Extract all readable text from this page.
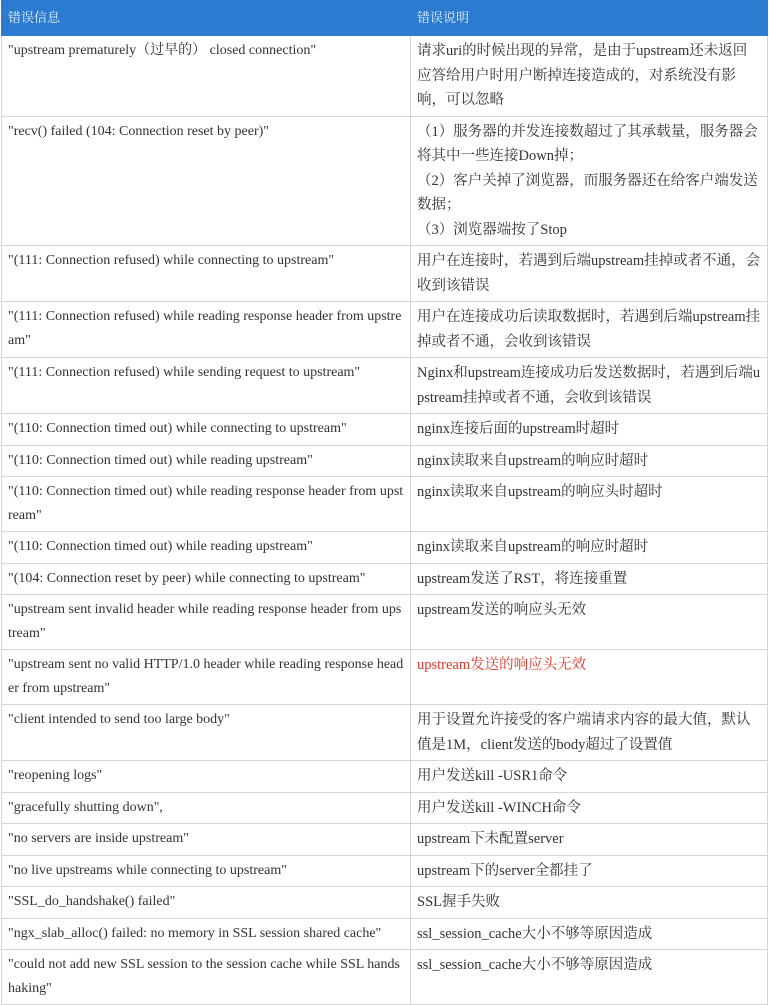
错误信息	错误说明
"upstream prematurely（过早的） closed connection"	请求uri的时候出现的异常，是由于upstream还未返回应答给用户时用户断掉连接造成的，对系统没有影响，可以忽略

"recv() failed (104: Connection reset by peer)"	（1）服务器的并发连接数超过了其承载量，服务器会将其中一些连接Down掉；
（2）客户关掉了浏览器，而服务器还在给客户端发送数据；
（3）浏览器端按了Stop

"(111: Connection refused) while connecting to upstream"	用户在连接时，若遇到后端upstream挂掉或者不通，会收到该错误

"(111: Connection refused) while reading response header from upstream"	用户在连接成功后读取数据时，若遇到后端upstream挂掉或者不通，会收到该错误

"(111: Connection refused) while sending request to upstream"	Nginx和upstream连接成功后发送数据时，若遇到后端upstream挂掉或者不通，会收到该错误

"(110: Connection timed out) while connecting to upstream"	nginx连接后面的upstream时超时

"(110: Connection timed out) while reading upstream"	nginx读取来自upstream的响应时超时

"(110: Connection timed out) while reading response header from upstream"	nginx读取来自upstream的响应头时超时

"(110: Connection timed out) while reading upstream"	nginx读取来自upstream的响应时超时

"(104: Connection reset by peer) while connecting to upstream"	upstream发送了RST，将连接重置

"upstream sent invalid header while reading response header from upstream"	upstream发送的响应头无效

"upstream sent no valid HTTP/1.0 header while reading response header from upstream"	upstream发送的响应头无效

"client intended to send too large body"	用于设置允许接受的客户端请求内容的最大值，默认值是1M，client发送的body超过了设置值

"reopening logs"	用户发送kill -USR1命令

"gracefully shutting down",	用户发送kill -WINCH命令

"no servers are inside upstream"	upstream下未配置server

"no live upstreams while connecting to upstream"	upstream下的server全都挂了

"SSL_do_handshake() failed"	SSL握手失败

"ngx_slab_alloc() failed: no memory in SSL session shared cache"	ssl_session_cache大小不够等原因造成

"could not add new SSL session to the session cache while SSL handshaking"	ssl_session_cache大小不够等原因造成
